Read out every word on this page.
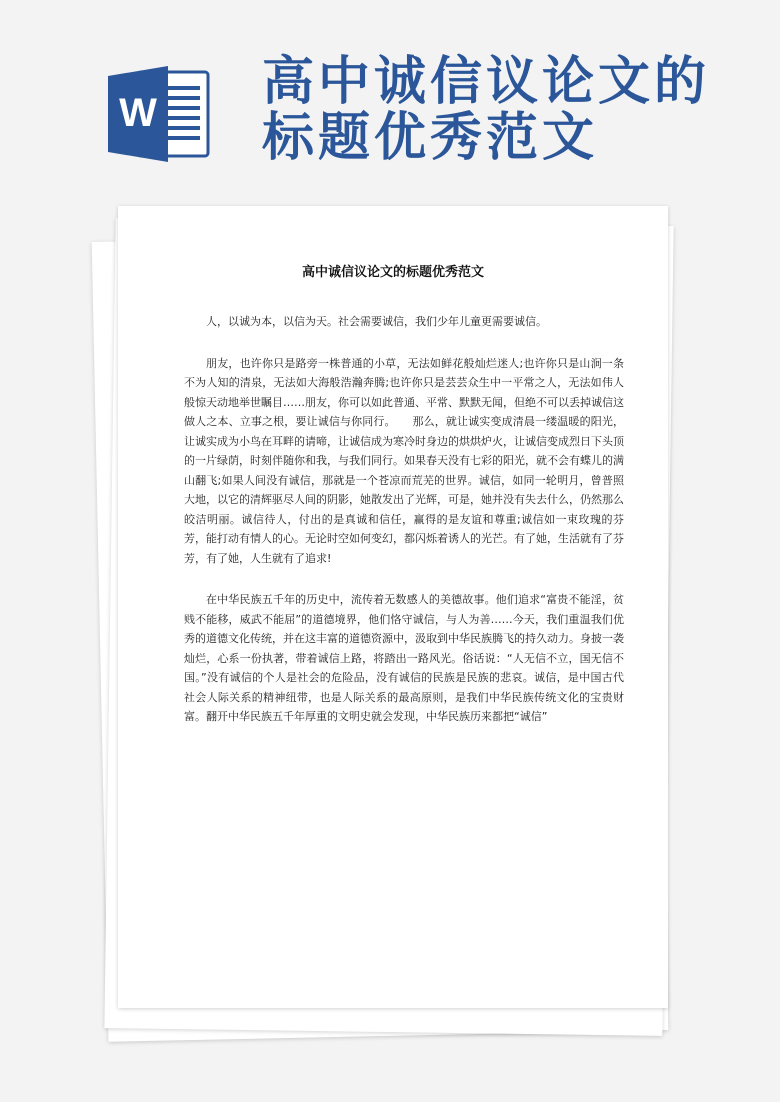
W
高中诚信议论文的
标题优秀范文
高中诚信议论文的标题优秀范文

人，以诚为本，以信为天。社会需要诚信，我们少年儿童更需要诚信。

朋友，也许你只是路旁一株普通的小草，无法如鲜花般灿烂迷人;也许你只是山涧一条不为人知的清泉，无法如大海般浩瀚奔腾;也许你只是芸芸众生中一平常之人，无法如伟人般惊天动地举世瞩目……朋友，你可以如此普通、平常、默默无闻，但绝不可以丢掉诚信这做人之本、立事之根，要让诚信与你同行。　　那么，就让诚实变成清晨一缕温暖的阳光，让诚实成为小鸟在耳畔的请啼，让诚信成为寒冷时身边的烘烘炉火，让诚信变成烈日下头顶的一片绿荫，时刻伴随你和我，与我们同行。如果春天没有七彩的阳光，就不会有蝶儿的满山翻飞;如果人间没有诚信，那就是一个苍凉而荒芜的世界。诚信，如同一轮明月，曾普照大地，以它的清辉驱尽人间的阴影，她散发出了光辉，可是，她并没有失去什么，仍然那么皎洁明丽。诚信待人，付出的是真诚和信任，赢得的是友谊和尊重;诚信如一束玫瑰的芬芳，能打动有情人的心。无论时空如何变幻，都闪烁着诱人的光芒。有了她，生活就有了芬芳，有了她，人生就有了追求!

在中华民族五千年的历史中，流传着无数感人的美德故事。他们追求“富贵不能淫，贫贱不能移，威武不能屈”的道德境界，他们恪守诚信，与人为善……今天，我们重温我们优秀的道德文化传统，并在这丰富的道德资源中，汲取到中华民族腾飞的持久动力。身披一袭灿烂，心系一份执著，带着诚信上路，将踏出一路风光。俗话说：“人无信不立，国无信不国。”没有诚信的个人是社会的危险品，没有诚信的民族是民族的悲哀。诚信，是中国古代社会人际关系的精神纽带，也是人际关系的最高原则，是我们中华民族传统文化的宝贵财富。翻开中华民族五千年厚重的文明史就会发现，中华民族历来都把“诚信”
